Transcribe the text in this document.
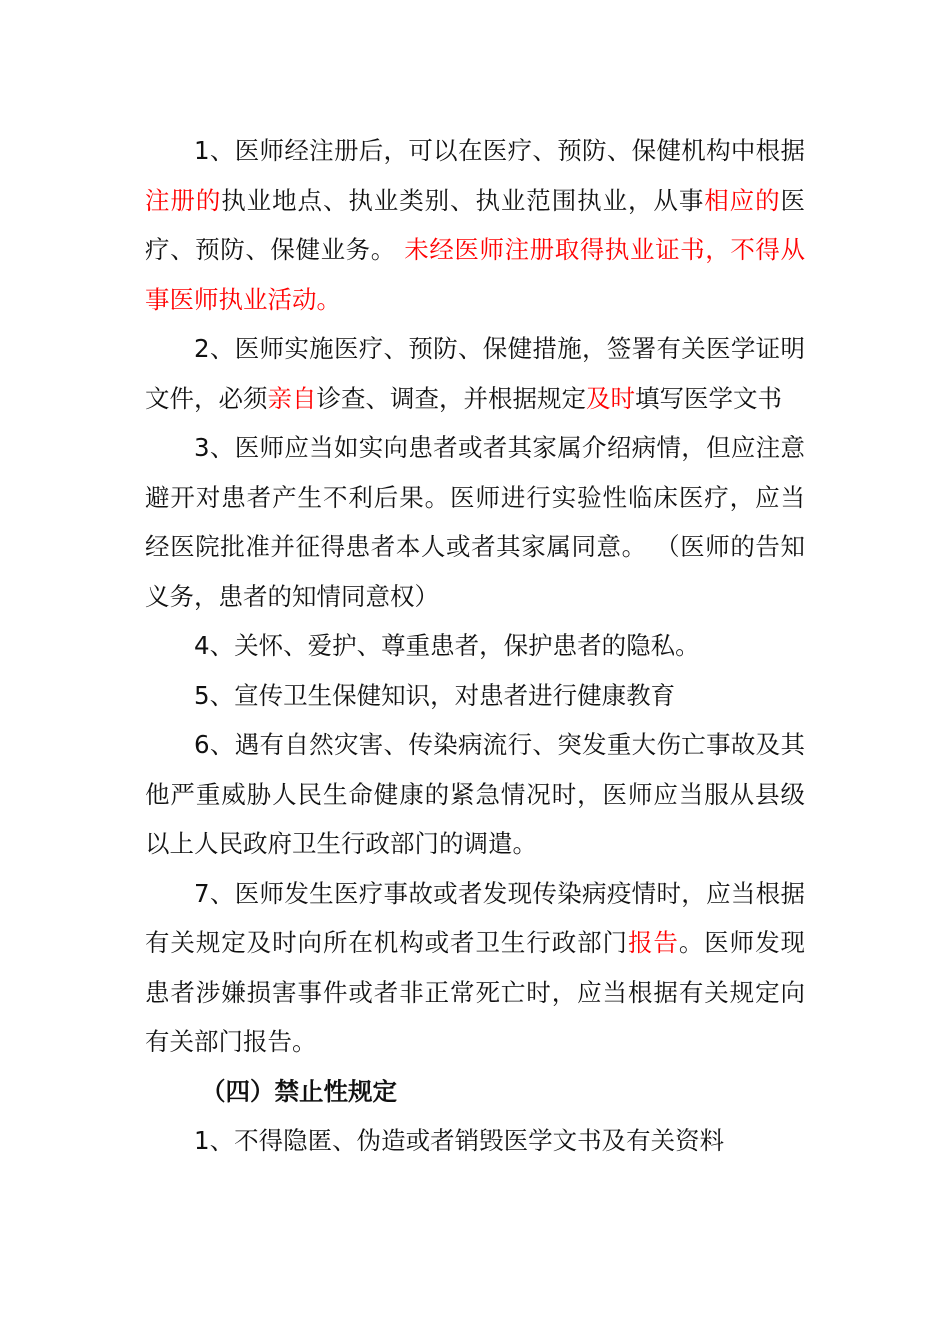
1、医师经注册后，可以在医疗、预防、保健机构中根据注册的执业地点、执业类别、执业范围执业，从事相应的医疗、预防、保健业务。 未经医师注册取得执业证书，不得从事医师执业活动。

2、医师实施医疗、预防、保健措施，签署有关医学证明文件，必须亲自诊查、调查，并根据规定及时填写医学文书

3、医师应当如实向患者或者其家属介绍病情，但应注意避开对患者产生不利后果。医师进行实验性临床医疗，应当经医院批准并征得患者本人或者其家属同意。 （医师的告知义务，患者的知情同意权）

4、关怀、爱护、尊重患者，保护患者的隐私。

5、宣传卫生保健知识，对患者进行健康教育

6、遇有自然灾害、传染病流行、突发重大伤亡事故及其他严重威胁人民生命健康的紧急情况时，医师应当服从县级以上人民政府卫生行政部门的调遣。

7、医师发生医疗事故或者发现传染病疫情时，应当根据有关规定及时向所在机构或者卫生行政部门报告。医师发现患者涉嫌损害事件或者非正常死亡时，应当根据有关规定向有关部门报告。

（四）禁止性规定

1、不得隐匿、伪造或者销毁医学文书及有关资料
